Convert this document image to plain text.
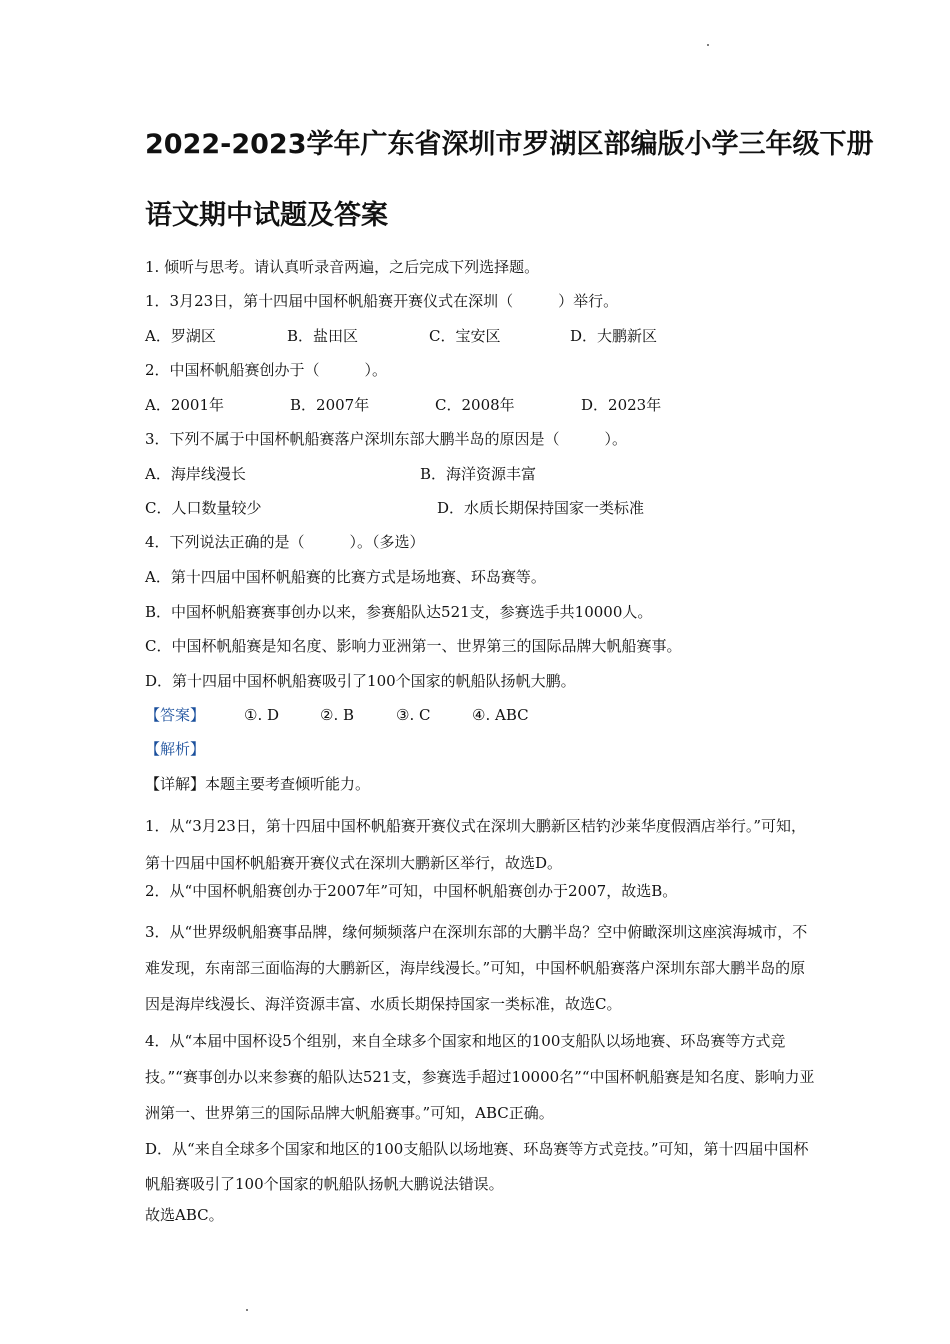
2022-2023学年广东省深圳市罗湖区部编版小学三年级下册
语文期中试题及答案
1. 倾听与思考。请认真听录音两遍，之后完成下列选择题。
1．3月23日，第十四届中国杯帆船赛开赛仪式在深圳（　　　）举行。
A．罗湖区	B．盐田区	C．宝安区	D．大鹏新区
2．中国杯帆船赛创办于（　　　）。
A．2001年	B．2007年	C．2008年	D．2023年
3．下列不属于中国杯帆船赛落户深圳东部大鹏半岛的原因是（　　　）。
A．海岸线漫长	B．海洋资源丰富
C．人口数量较少	D．水质长期保持国家一类标准
4．下列说法正确的是（　　　）。（多选）
A．第十四届中国杯帆船赛的比赛方式是场地赛、环岛赛等。
B．中国杯帆船赛赛事创办以来，参赛船队达521支，参赛选手共10000人。
C．中国杯帆船赛是知名度、影响力亚洲第一、世界第三的国际品牌大帆船赛事。
D．第十四届中国杯帆船赛吸引了100个国家的帆船队扬帆大鹏。
【答案】	①. D	②. B	③. C	④. ABC
【解析】
【详解】本题主要考查倾听能力。
1．从“3月23日，第十四届中国杯帆船赛开赛仪式在深圳大鹏新区桔钓沙莱华度假酒店举行。”可知，第十四届中国杯帆船赛开赛仪式在深圳大鹏新区举行，故选D。
2．从“中国杯帆船赛创办于2007年”可知，中国杯帆船赛创办于2007，故选B。
3．从“世界级帆船赛事品牌，缘何频频落户在深圳东部的大鹏半岛？空中俯瞰深圳这座滨海城市，不难发现，东南部三面临海的大鹏新区，海岸线漫长。”可知，中国杯帆船赛落户深圳东部大鹏半岛的原因是海岸线漫长、海洋资源丰富、水质长期保持国家一类标准，故选C。
4．从“本届中国杯设5个组别，来自全球多个国家和地区的100支船队以场地赛、环岛赛等方式竞技。”“赛事创办以来参赛的船队达521支，参赛选手超过10000名”“中国杯帆船赛是知名度、影响力亚洲第一、世界第三的国际品牌大帆船赛事。”可知，ABC正确。
D．从“来自全球多个国家和地区的100支船队以场地赛、环岛赛等方式竞技。”可知，第十四届中国杯帆船赛吸引了100个国家的帆船队扬帆大鹏说法错误。
故选ABC。
